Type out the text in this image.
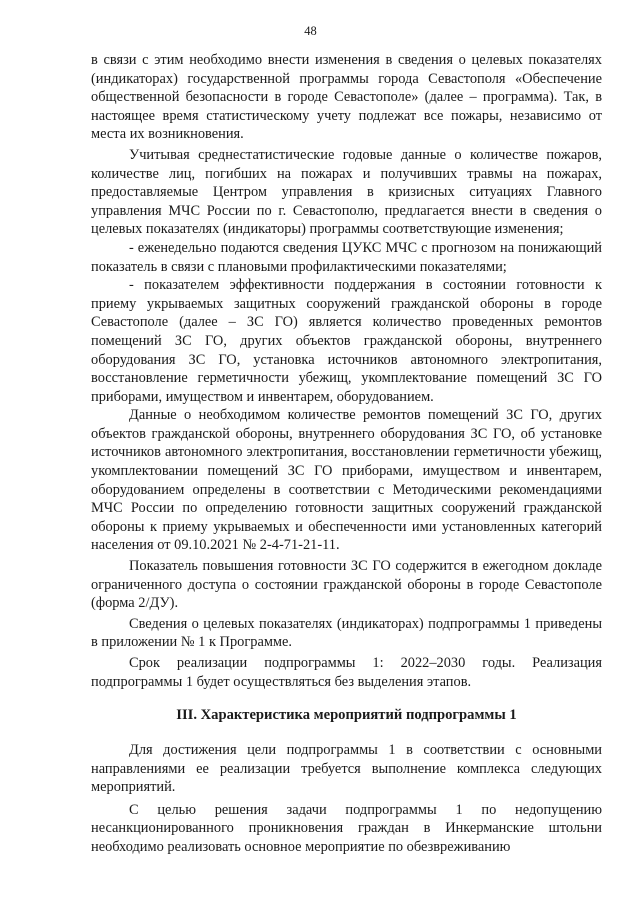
48

в связи с этим необходимо внести изменения в сведения о целевых показателях (индикаторах) государственной программы города Севастополя «Обеспечение общественной безопасности в городе Севастополе» (далее – программа). Так, в настоящее время статистическому учету подлежат все пожары, независимо от места их возникновения.

Учитывая среднестатистические годовые данные о количестве пожаров, количестве лиц, погибших на пожарах и получивших травмы на пожарах, предоставляемые Центром управления в кризисных ситуациях Главного управления МЧС России по г. Севастополю, предлагается внести в сведения о целевых показателях (индикаторы) программы соответствующие изменения;

- еженедельно подаются сведения ЦУКС МЧС с прогнозом на понижающий показатель в связи с плановыми профилактическими показателями;

- показателем эффективности поддержания в состоянии готовности к приему укрываемых защитных сооружений гражданской обороны в городе Севастополе (далее – ЗС ГО) является количество проведенных ремонтов помещений ЗС ГО, других объектов гражданской обороны, внутреннего оборудования ЗС ГО, установка источников автономного электропитания, восстановление герметичности убежищ, укомплектование помещений ЗС ГО приборами, имуществом и инвентарем, оборудованием.

Данные о необходимом количестве ремонтов помещений ЗС ГО, других объектов гражданской обороны, внутреннего оборудования ЗС ГО, об установке источников автономного электропитания, восстановлении герметичности убежищ, укомплектовании помещений ЗС ГО приборами, имуществом и инвентарем, оборудованием определены в соответствии с Методическими рекомендациями МЧС России по определению готовности защитных сооружений гражданской обороны к приему укрываемых и обеспеченности ими установленных категорий населения от 09.10.2021 № 2-4-71-21-11.

Показатель повышения готовности ЗС ГО содержится в ежегодном докладе ограниченного доступа о состоянии гражданской обороны в городе Севастополе (форма 2/ДУ).

Сведения о целевых показателях (индикаторах) подпрограммы 1 приведены в приложении № 1 к Программе.

Срок реализации подпрограммы 1: 2022–2030 годы. Реализация подпрограммы 1 будет осуществляться без выделения этапов.

III. Характеристика мероприятий подпрограммы 1

Для достижения цели подпрограммы 1 в соответствии с основными направлениями ее реализации требуется выполнение комплекса следующих мероприятий.

С целью решения задачи подпрограммы 1 по недопущению несанкционированного проникновения граждан в Инкерманские штольни необходимо реализовать основное мероприятие по обезвреживанию
